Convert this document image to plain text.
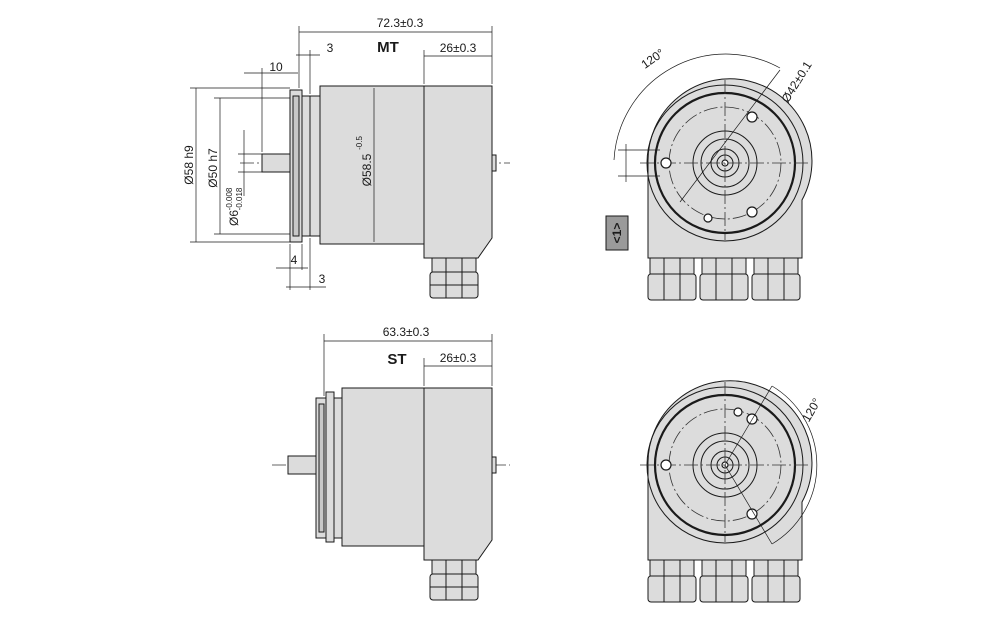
72.3±0.3
3	MT	26±0.3
10
Ø58 h9 Ø50 h7
Ø6
-0.008 -0.018
Ø58.5
-0.5
4
3
Ø42±0.1
120°
<1>
63.3±0.3
ST	26±0.3
120°
